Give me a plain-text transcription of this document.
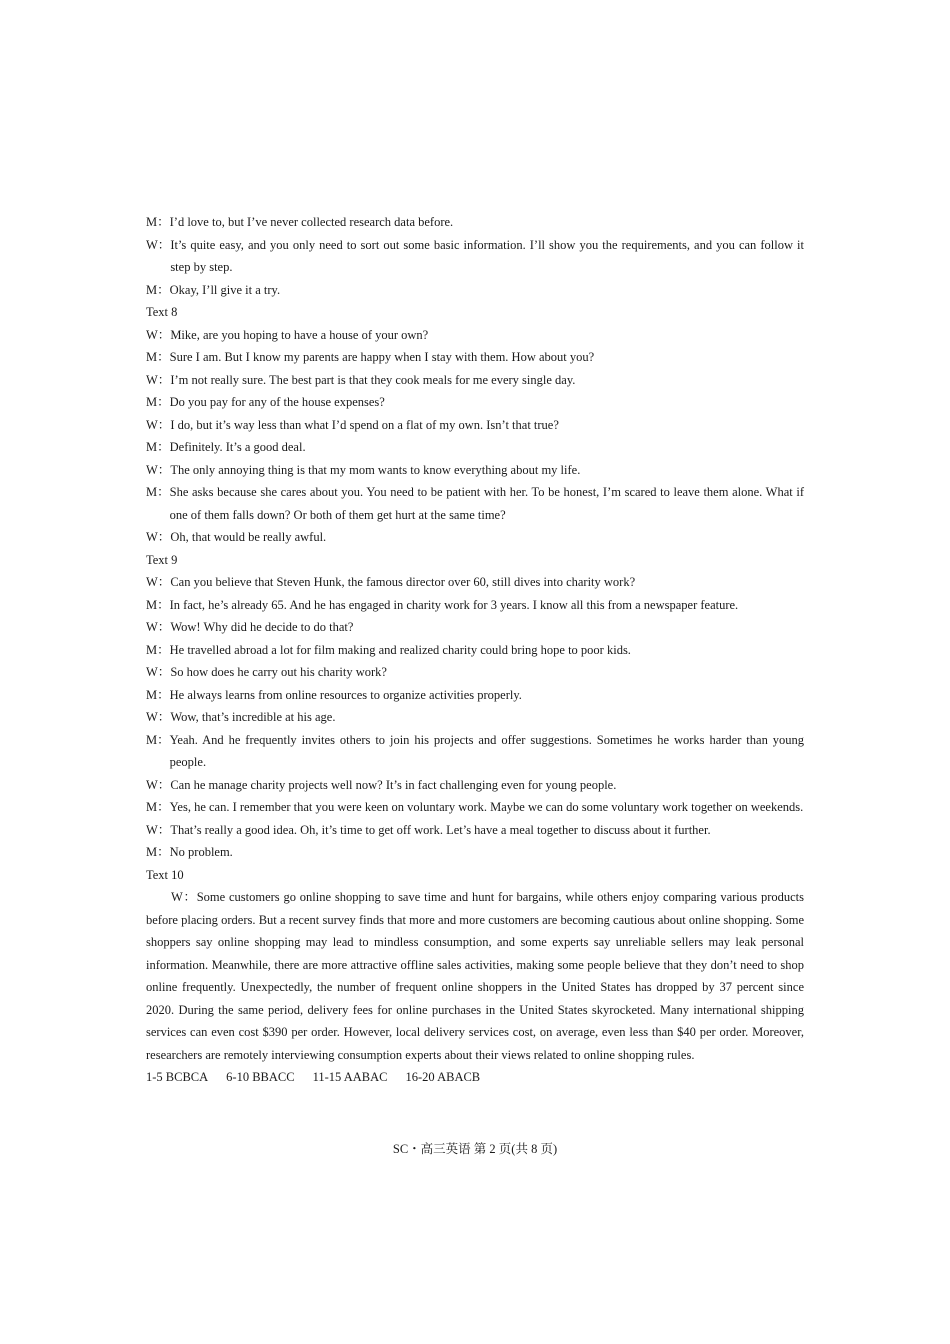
M： I’d love to, but I’ve never collected research data before.
W： It’s quite easy, and you only need to sort out some basic information. I’ll show you the requirements, and you can follow it step by step.
M： Okay, I’ll give it a try.
Text 8
W： Mike, are you hoping to have a house of your own?
M： Sure I am. But I know my parents are happy when I stay with them. How about you?
W： I’m not really sure. The best part is that they cook meals for me every single day.
M： Do you pay for any of the house expenses?
W： I do, but it’s way less than what I’d spend on a flat of my own. Isn’t that true?
M： Definitely. It’s a good deal.
W： The only annoying thing is that my mom wants to know everything about my life.
M： She asks because she cares about you. You need to be patient with her. To be honest, I’m scared to leave them alone. What if one of them falls down? Or both of them get hurt at the same time?
W： Oh, that would be really awful.
Text 9
W： Can you believe that Steven Hunk, the famous director over 60, still dives into charity work?
M： In fact, he’s already 65. And he has engaged in charity work for 3 years. I know all this from a newspaper feature.
W： Wow! Why did he decide to do that?
M： He travelled abroad a lot for film making and realized charity could bring hope to poor kids.
W： So how does he carry out his charity work?
M： He always learns from online resources to organize activities properly.
W： Wow, that’s incredible at his age.
M： Yeah. And he frequently invites others to join his projects and offer suggestions. Sometimes he works harder than young people.
W： Can he manage charity projects well now? It’s in fact challenging even for young people.
M： Yes, he can. I remember that you were keen on voluntary work. Maybe we can do some voluntary work together on weekends.
W： That’s really a good idea. Oh, it’s time to get off work. Let’s have a meal together to discuss about it further.
M： No problem.
Text 10
W：Some customers go online shopping to save time and hunt for bargains, while others enjoy comparing various products before placing orders. But a recent survey finds that more and more customers are becoming cautious about online shopping. Some shoppers say online shopping may lead to mindless consumption, and some experts say unreliable sellers may leak personal information. Meanwhile, there are more attractive offline sales activities, making some people believe that they don’t need to shop online frequently. Unexpectedly, the number of frequent online shoppers in the United States has dropped by 37 percent since 2020. During the same period, delivery fees for online purchases in the United States skyrocketed. Many international shipping services can even cost $390 per order. However, local delivery services cost, on average, even less than $40 per order. Moreover, researchers are remotely interviewing consumption experts about their views related to online shopping rules.
1-5 BCBCA 6-10 BBACC 11-15 AABAC 16-20 ABACB
SC・高三英语 第 2 页(共 8 页)
